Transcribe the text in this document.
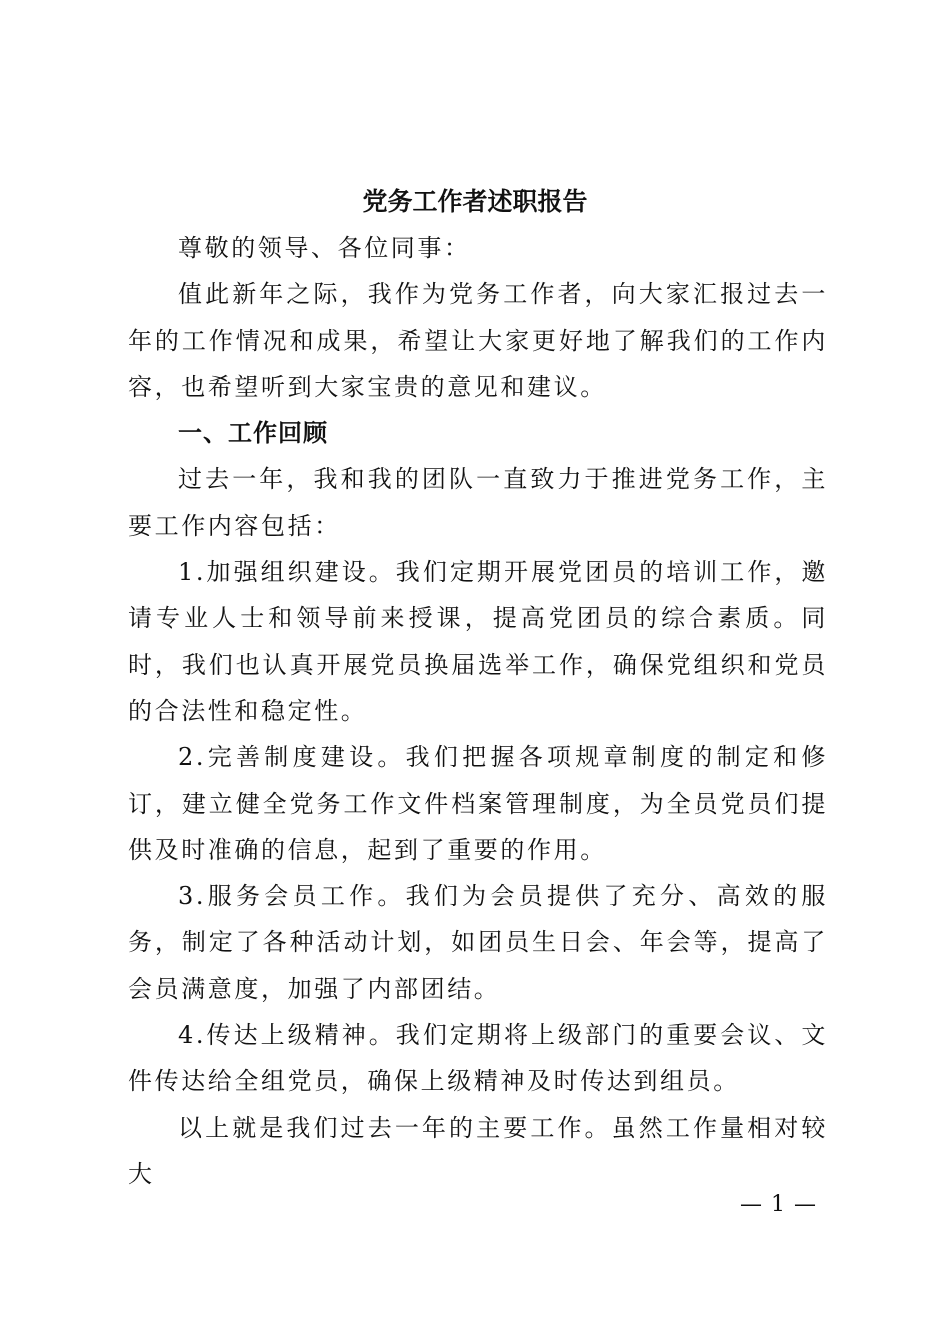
党务工作者述职报告

尊敬的领导、各位同事：

值此新年之际，我作为党务工作者，向大家汇报过去一年的工作情况和成果，希望让大家更好地了解我们的工作内容，也希望听到大家宝贵的意见和建议。

一、工作回顾

过去一年，我和我的团队一直致力于推进党务工作，主要工作内容包括：

1.加强组织建设。我们定期开展党团员的培训工作，邀请专业人士和领导前来授课，提高党团员的综合素质。同时，我们也认真开展党员换届选举工作，确保党组织和党员的合法性和稳定性。

2.完善制度建设。我们把握各项规章制度的制定和修订，建立健全党务工作文件档案管理制度，为全员党员们提供及时准确的信息，起到了重要的作用。

3.服务会员工作。我们为会员提供了充分、高效的服务，制定了各种活动计划，如团员生日会、年会等，提高了会员满意度，加强了内部团结。

4.传达上级精神。我们定期将上级部门的重要会议、文件传达给全组党员，确保上级精神及时传达到组员。

以上就是我们过去一年的主要工作。虽然工作量相对较大

— 1 —
